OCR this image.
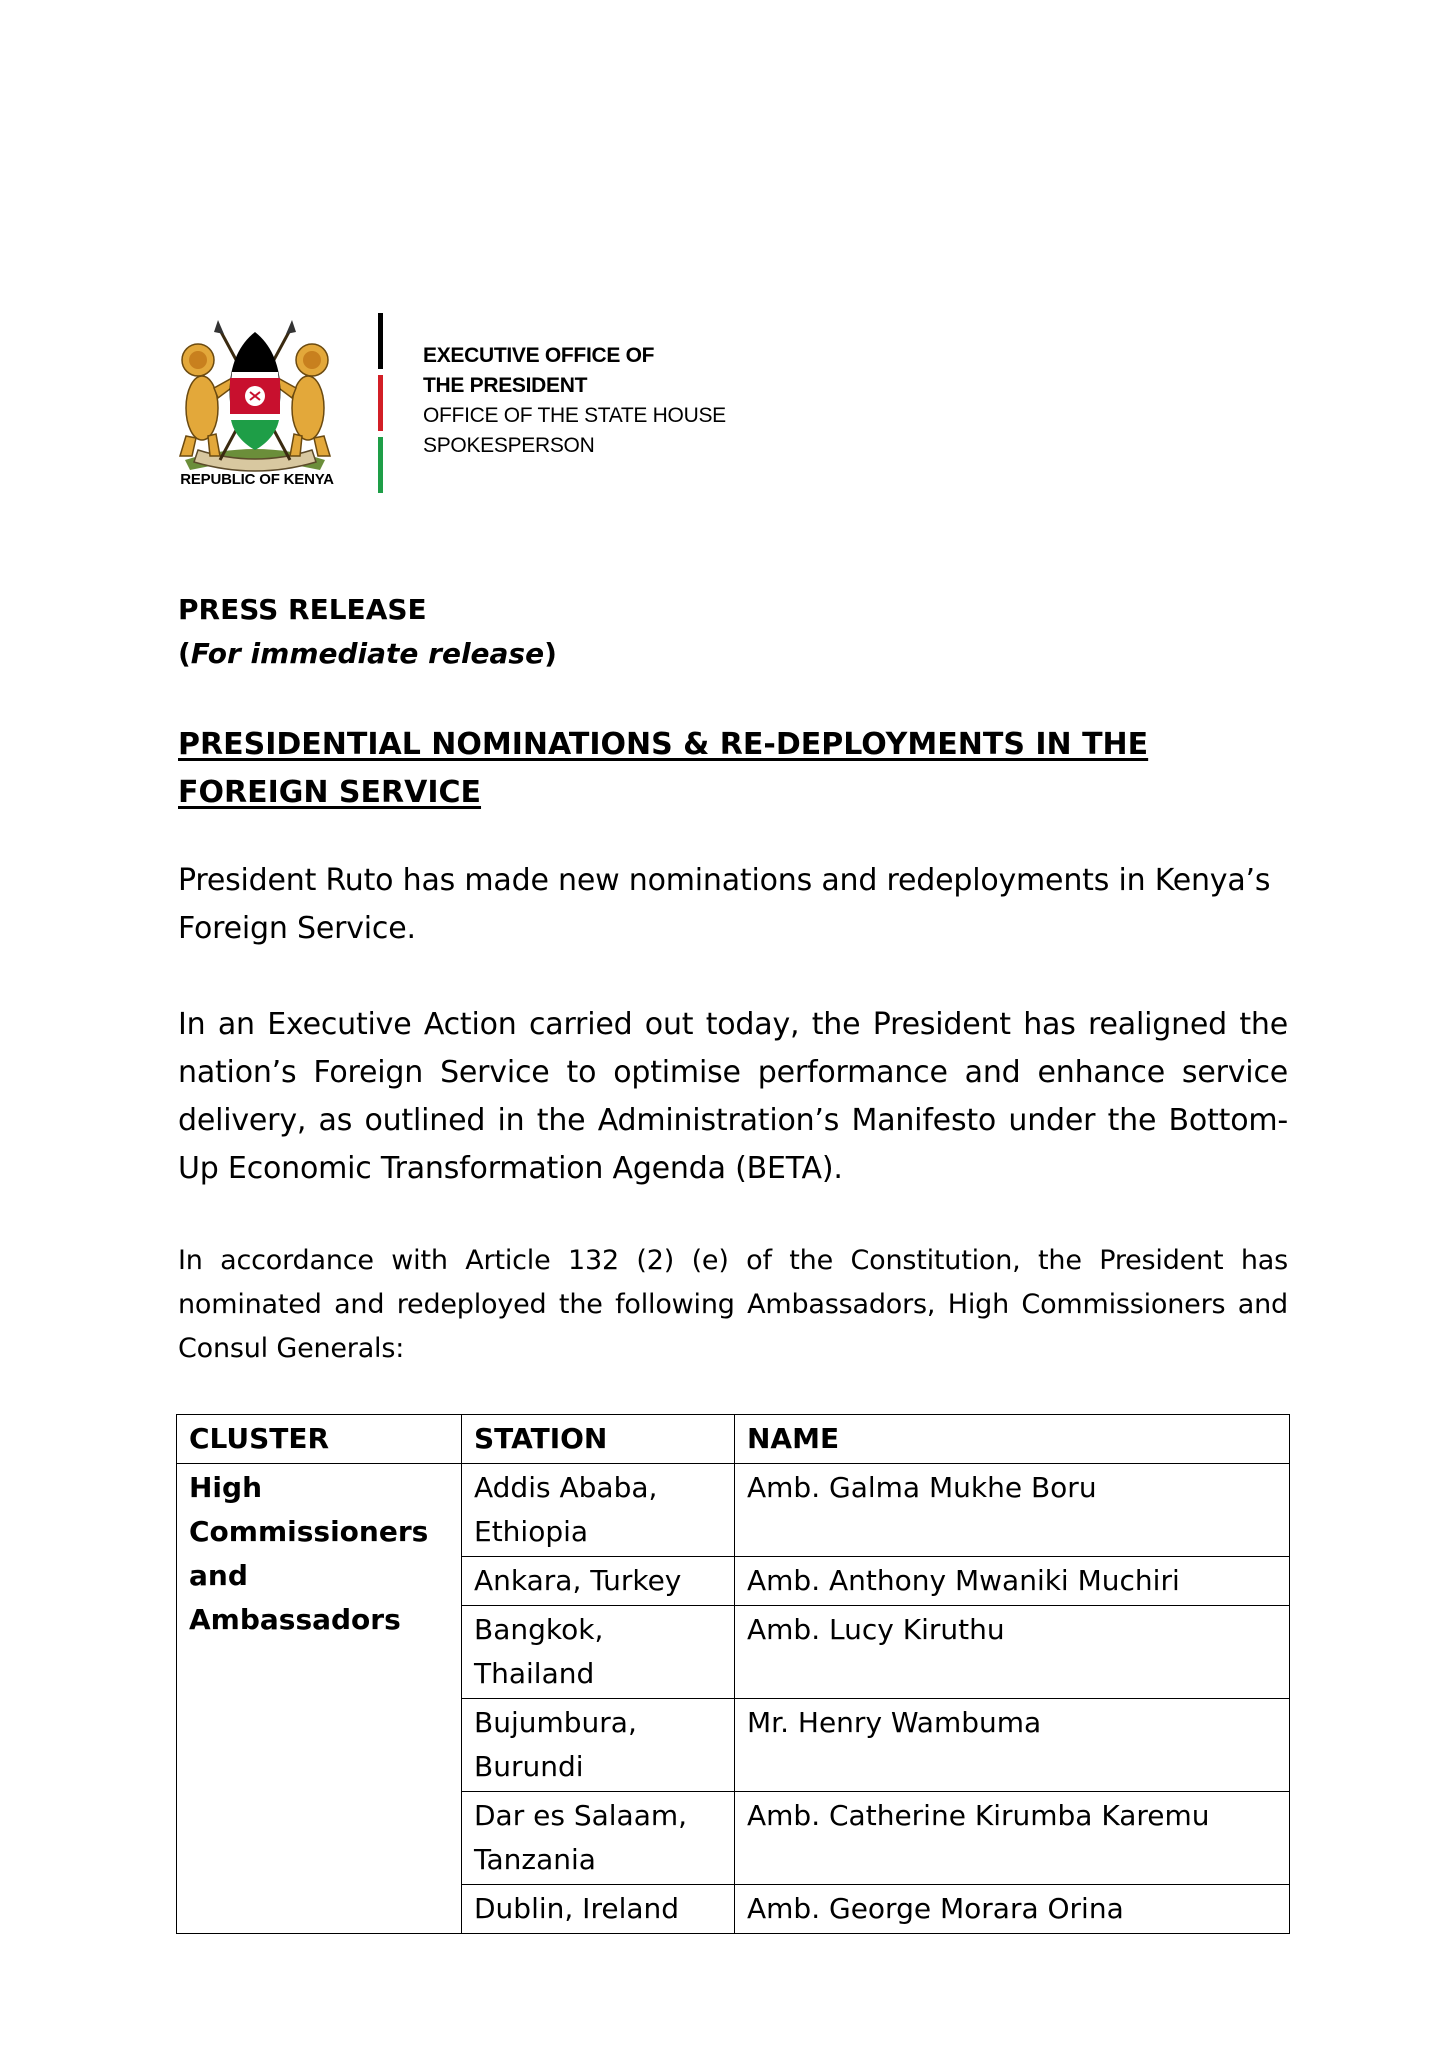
REPUBLIC OF KENYA
EXECUTIVE OFFICE OF
THE PRESIDENT
OFFICE OF THE STATE HOUSE
SPOKESPERSON
PRESS RELEASE
(For immediate release)
PRESIDENTIAL NOMINATIONS & RE-DEPLOYMENTS IN THE FOREIGN SERVICE
President Ruto has made new nominations and redeployments in Kenya’s Foreign Service.
In an Executive Action carried out today, the President has realigned the nation’s Foreign Service to optimise performance and enhance service delivery, as outlined in the Administration’s Manifesto under the Bottom-Up Economic Transformation Agenda (BETA).
In accordance with Article 132 (2) (e) of the Constitution, the President has nominated and redeployed the following Ambassadors, High Commissioners and Consul Generals:
CLUSTER	STATION	NAME
High Commissioners and Ambassadors	Addis Ababa, Ethiopia	Amb. Galma Mukhe Boru
	Ankara, Turkey	Amb. Anthony Mwaniki Muchiri
	Bangkok, Thailand	Amb. Lucy Kiruthu
	Bujumbura, Burundi	Mr. Henry Wambuma
	Dar es Salaam, Tanzania	Amb. Catherine Kirumba Karemu
	Dublin, Ireland	Amb. George Morara Orina
